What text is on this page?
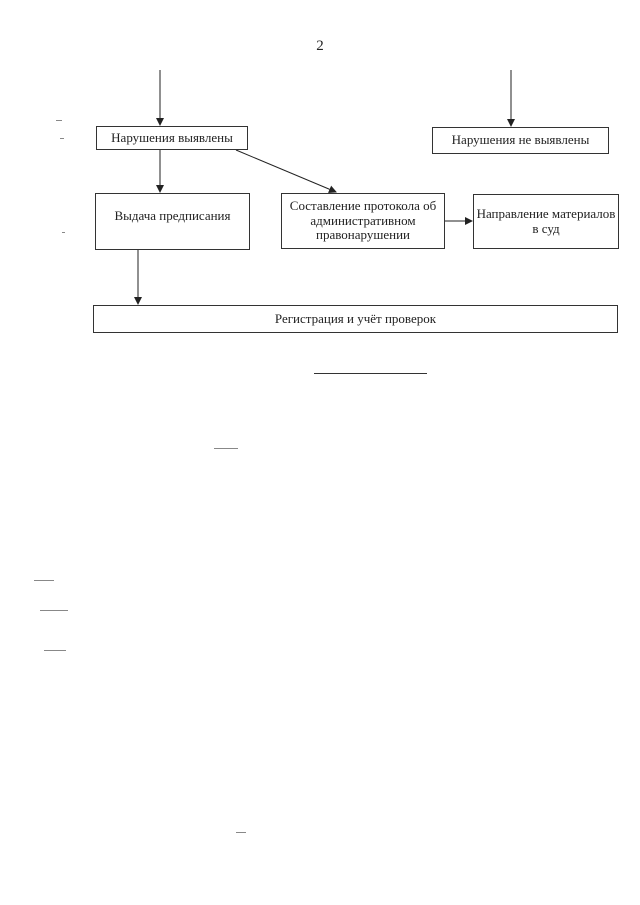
2
Нарушения выявлены	Нарушения не выявлены
Выдача предписания
Составление протокола об административном правонарушении
Направление материалов в суд
Регистрация и учёт проверок
